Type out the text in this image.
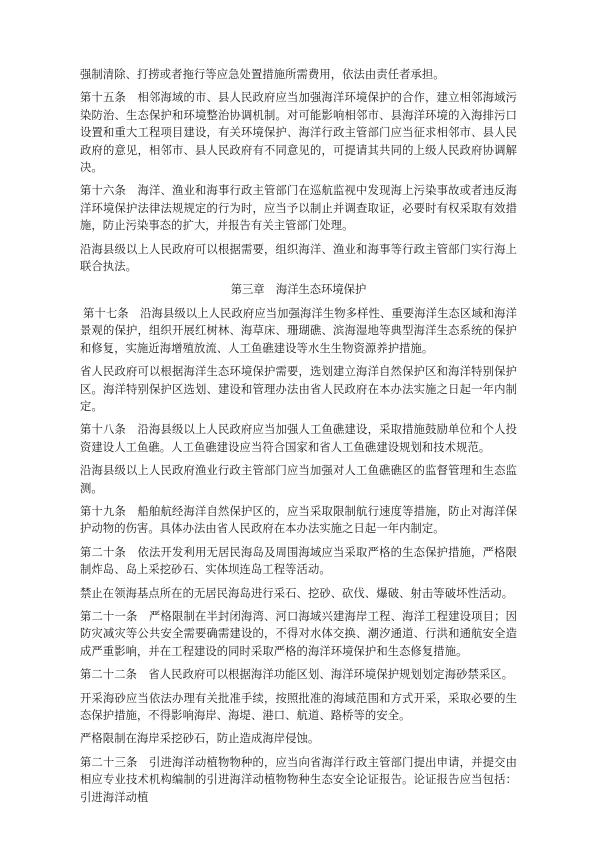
强制清除、打捞或者拖行等应急处置措施所需费用，依法由责任者承担。

第十五条　相邻海域的市、县人民政府应当加强海洋环境保护的合作，建立相邻海域污染防治、生态保护和环境整治协调机制。对可能影响相邻市、县海洋环境的入海排污口设置和重大工程项目建设，有关环境保护、海洋行政主管部门应当征求相邻市、县人民政府的意见，相邻市、县人民政府有不同意见的，可提请其共同的上级人民政府协调解决。

第十六条　海洋、渔业和海事行政主管部门在巡航监视中发现海上污染事故或者违反海洋环境保护法律法规规定的行为时，应当予以制止并调查取证，必要时有权采取有效措施，防止污染事态的扩大，并报告有关主管部门处理。

沿海县级以上人民政府可以根据需要，组织海洋、渔业和海事等行政主管部门实行海上联合执法。

第三章　海洋生态环境保护

第十七条　沿海县级以上人民政府应当加强海洋生物多样性、重要海洋生态区域和海洋景观的保护，组织开展红树林、海草床、珊瑚礁、滨海湿地等典型海洋生态系统的保护和修复，实施近海增殖放流、人工鱼礁建设等水生生物资源养护措施。

省人民政府可以根据海洋生态环境保护需要，选划建立海洋自然保护区和海洋特别保护区。海洋特别保护区选划、建设和管理办法由省人民政府在本办法实施之日起一年内制定。

第十八条　沿海县级以上人民政府应当加强人工鱼礁建设，采取措施鼓励单位和个人投资建设人工鱼礁。人工鱼礁建设应当符合国家和省人工鱼礁建设规划和技术规范。

沿海县级以上人民政府渔业行政主管部门应当加强对人工鱼礁礁区的监督管理和生态监测。

第十九条　船舶航经海洋自然保护区的，应当采取限制航行速度等措施，防止对海洋保护动物的伤害。具体办法由省人民政府在本办法实施之日起一年内制定。

第二十条　依法开发利用无居民海岛及周围海域应当采取严格的生态保护措施，严格限制炸岛、岛上采挖砂石、实体坝连岛工程等活动。

禁止在领海基点所在的无居民海岛进行采石、挖砂、砍伐、爆破、射击等破坏性活动。

第二十一条　严格限制在半封闭海湾、河口海域兴建海岸工程、海洋工程建设项目；因防灾减灾等公共安全需要确需建设的，不得对水体交换、潮汐通道、行洪和通航安全造成严重影响，并在工程建设的同时采取严格的海洋环境保护和生态修复措施。

第二十二条　省人民政府可以根据海洋功能区划、海洋环境保护规划划定海砂禁采区。

开采海砂应当依法办理有关批准手续，按照批准的海域范围和方式开采，采取必要的生态保护措施，不得影响海岸、海堤、港口、航道、路桥等的安全。

严格限制在海岸采挖砂石，防止造成海岸侵蚀。

第二十三条　引进海洋动植物物种的，应当向省海洋行政主管部门提出申请，并提交由相应专业技术机构编制的引进海洋动植物物种生态安全论证报告。论证报告应当包括：引进海洋动植
